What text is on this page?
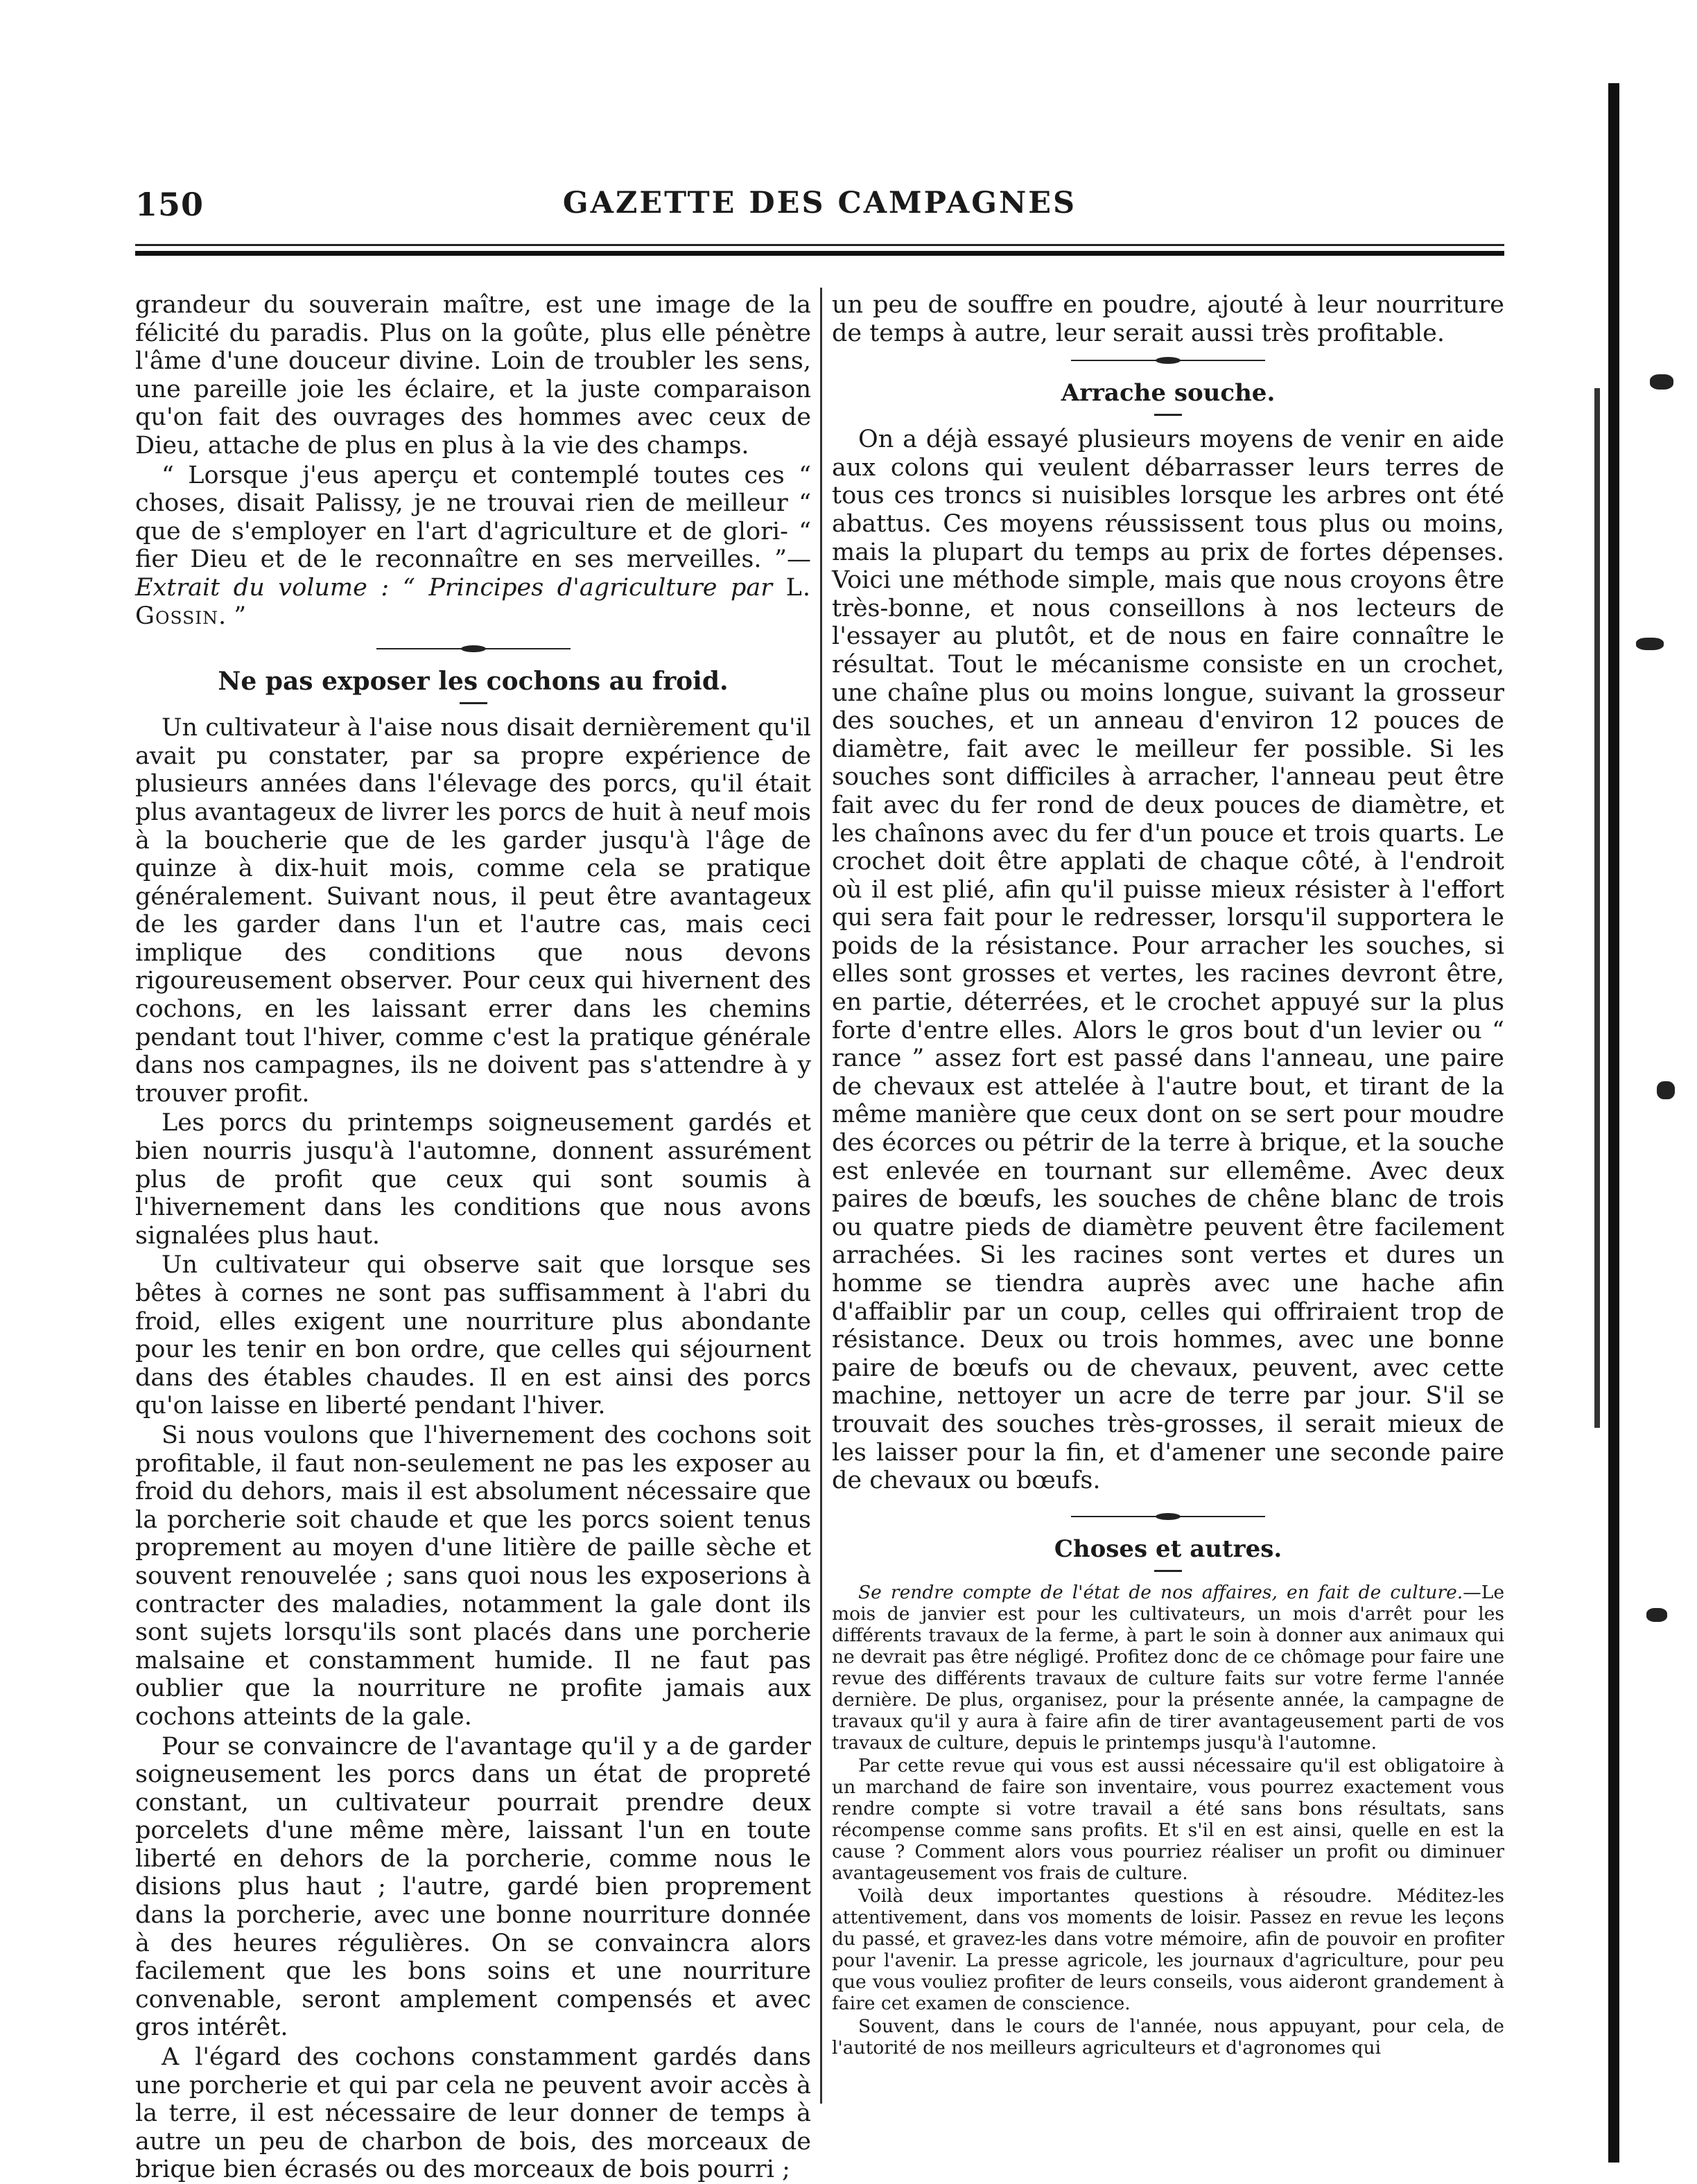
150	GAZETTE DES CAMPAGNES

grandeur du souverain maître, est une image de la félicité du paradis. Plus on la goûte, plus elle pénètre l'âme d'une douceur divine. Loin de troubler les sens, une pareille joie les éclaire, et la juste comparaison qu'on fait des ouvrages des hommes avec ceux de Dieu, attache de plus en plus à la vie des champs.

“ Lorsque j'eus aperçu et contemplé toutes ces “ choses, disait Palissy, je ne trouvai rien de meilleur “ que de s'employer en l'art d'agriculture et de glori- “ fier Dieu et de le reconnaître en ses merveilles. ”— Extrait du volume : “ Principes d'agriculture par L. Gossin. ”

Ne pas exposer les cochons au froid.

Un cultivateur à l'aise nous disait dernièrement qu'il avait pu constater, par sa propre expérience de plusieurs années dans l'élevage des porcs, qu'il était plus avantageux de livrer les porcs de huit à neuf mois à la boucherie que de les garder jusqu'à l'âge de quinze à dix-huit mois, comme cela se pratique généralement. Suivant nous, il peut être avantageux de les garder dans l'un et l'autre cas, mais ceci implique des conditions que nous devons rigoureusement observer. Pour ceux qui hivernent des cochons, en les laissant errer dans les chemins pendant tout l'hiver, comme c'est la pratique générale dans nos campagnes, ils ne doivent pas s'attendre à y trouver profit.

Les porcs du printemps soigneusement gardés et bien nourris jusqu'à l'automne, donnent assurément plus de profit que ceux qui sont soumis à l'hivernement dans les conditions que nous avons signalées plus haut.

Un cultivateur qui observe sait que lorsque ses bêtes à cornes ne sont pas suffisamment à l'abri du froid, elles exigent une nourriture plus abondante pour les tenir en bon ordre, que celles qui séjournent dans des étables chaudes. Il en est ainsi des porcs qu'on laisse en liberté pendant l'hiver.

Si nous voulons que l'hivernement des cochons soit profitable, il faut non-seulement ne pas les exposer au froid du dehors, mais il est absolument nécessaire que la porcherie soit chaude et que les porcs soient tenus proprement au moyen d'une litière de paille sèche et souvent renouvelée ; sans quoi nous les exposerions à contracter des maladies, notamment la gale dont ils sont sujets lorsqu'ils sont placés dans une porcherie malsaine et constamment humide. Il ne faut pas oublier que la nourriture ne profite jamais aux cochons atteints de la gale.

Pour se convaincre de l'avantage qu'il y a de garder soigneusement les porcs dans un état de propreté constant, un cultivateur pourrait prendre deux porcelets d'une même mère, laissant l'un en toute liberté en dehors de la porcherie, comme nous le disions plus haut ; l'autre, gardé bien proprement dans la porcherie, avec une bonne nourriture donnée à des heures régulières. On se convaincra alors facilement que les bons soins et une nourriture convenable, seront amplement compensés et avec gros intérêt.

A l'égard des cochons constamment gardés dans une porcherie et qui par cela ne peuvent avoir accès à la terre, il est nécessaire de leur donner de temps à autre un peu de charbon de bois, des morceaux de brique bien écrasés ou des morceaux de bois pourri ;

un peu de souffre en poudre, ajouté à leur nourriture de temps à autre, leur serait aussi très profitable.

Arrache souche.

On a déjà essayé plusieurs moyens de venir en aide aux colons qui veulent débarrasser leurs terres de tous ces troncs si nuisibles lorsque les arbres ont été abattus. Ces moyens réussissent tous plus ou moins, mais la plupart du temps au prix de fortes dépenses. Voici une méthode simple, mais que nous croyons être très-bonne, et nous conseillons à nos lecteurs de l'essayer au plutôt, et de nous en faire connaître le résultat. Tout le mécanisme consiste en un crochet, une chaîne plus ou moins longue, suivant la grosseur des souches, et un anneau d'environ 12 pouces de diamètre, fait avec le meilleur fer possible. Si les souches sont difficiles à arracher, l'anneau peut être fait avec du fer rond de deux pouces de diamètre, et les chaînons avec du fer d'un pouce et trois quarts. Le crochet doit être applati de chaque côté, à l'endroit où il est plié, afin qu'il puisse mieux résister à l'effort qui sera fait pour le redresser, lorsqu'il supportera le poids de la résistance. Pour arracher les souches, si elles sont grosses et vertes, les racines devront être, en partie, déterrées, et le crochet appuyé sur la plus forte d'entre elles. Alors le gros bout d'un levier ou “ rance ” assez fort est passé dans l'anneau, une paire de chevaux est attelée à l'autre bout, et tirant de la même manière que ceux dont on se sert pour moudre des écorces ou pétrir de la terre à brique, et la souche est enlevée en tournant sur ellemême. Avec deux paires de bœufs, les souches de chêne blanc de trois ou quatre pieds de diamètre peuvent être facilement arrachées. Si les racines sont vertes et dures un homme se tiendra auprès avec une hache afin d'affaiblir par un coup, celles qui offriraient trop de résistance. Deux ou trois hommes, avec une bonne paire de bœufs ou de chevaux, peuvent, avec cette machine, nettoyer un acre de terre par jour. S'il se trouvait des souches très-grosses, il serait mieux de les laisser pour la fin, et d'amener une seconde paire de chevaux ou bœufs.

Choses et autres.

Se rendre compte de l'état de nos affaires, en fait de culture.—Le mois de janvier est pour les cultivateurs, un mois d'arrêt pour les différents travaux de la ferme, à part le soin à donner aux animaux qui ne devrait pas être négligé. Profitez donc de ce chômage pour faire une revue des différents travaux de culture faits sur votre ferme l'année dernière. De plus, organisez, pour la présente année, la campagne de travaux qu'il y aura à faire afin de tirer avantageusement parti de vos travaux de culture, depuis le printemps jusqu'à l'automne.

Par cette revue qui vous est aussi nécessaire qu'il est obligatoire à un marchand de faire son inventaire, vous pourrez exactement vous rendre compte si votre travail a été sans bons résultats, sans récompense comme sans profits. Et s'il en est ainsi, quelle en est la cause ? Comment alors vous pourriez réaliser un profit ou diminuer avantageusement vos frais de culture.

Voilà deux importantes questions à résoudre. Méditez-les attentivement, dans vos moments de loisir. Passez en revue les leçons du passé, et gravez-les dans votre mémoire, afin de pouvoir en profiter pour l'avenir. La presse agricole, les journaux d'agriculture, pour peu que vous vouliez profiter de leurs conseils, vous aideront grandement à faire cet examen de conscience.

Souvent, dans le cours de l'année, nous appuyant, pour cela, de l'autorité de nos meilleurs agriculteurs et d'agronomes qui
